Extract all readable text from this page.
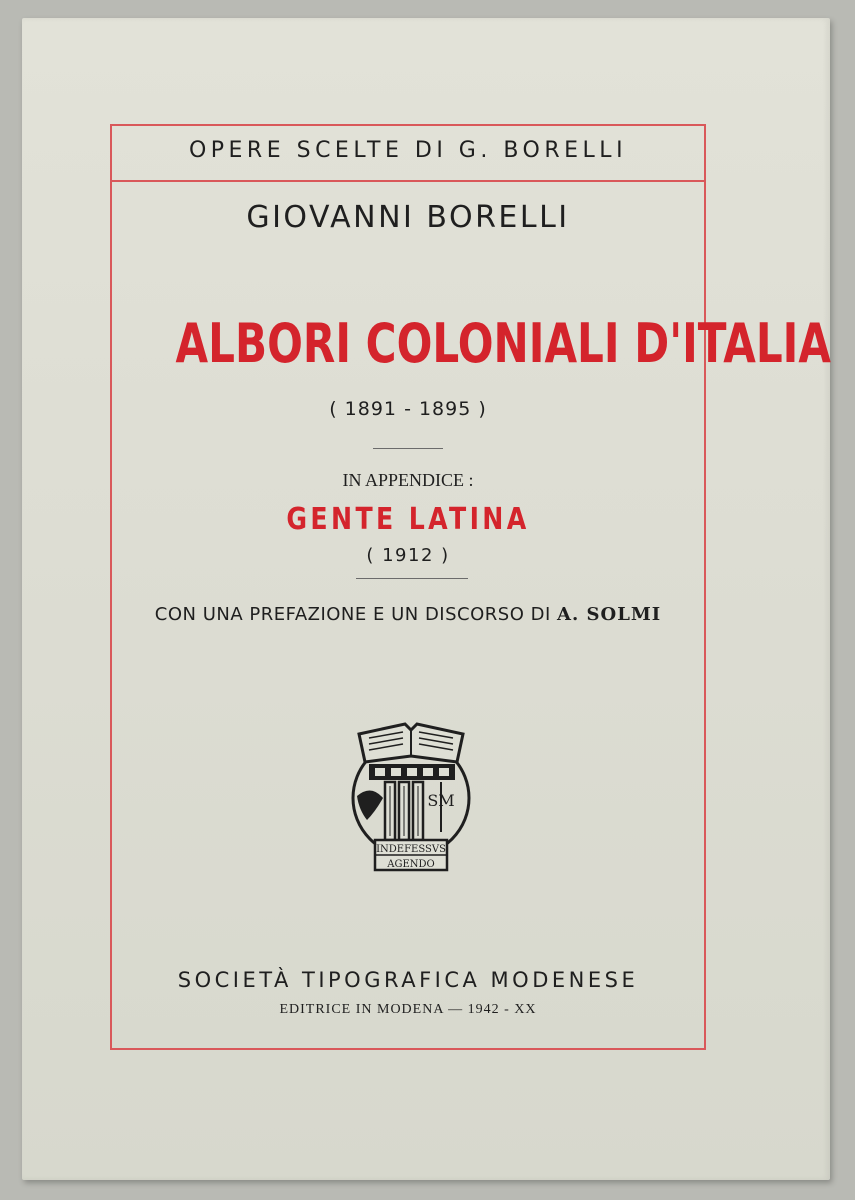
OPERE SCELTE DI G. BORELLI
GIOVANNI BORELLI
ALBORI COLONIALI D'ITALIA
( 1891 - 1895 )
IN APPENDICE :
GENTE LATINA
( 1912 )
CON UNA PREFAZIONE E UN DISCORSO DI A. SOLMI
SM
INDEFESSVS
AGENDO
SOCIETÀ TIPOGRAFICA MODENESE
EDITRICE IN MODENA — 1942 - XX
